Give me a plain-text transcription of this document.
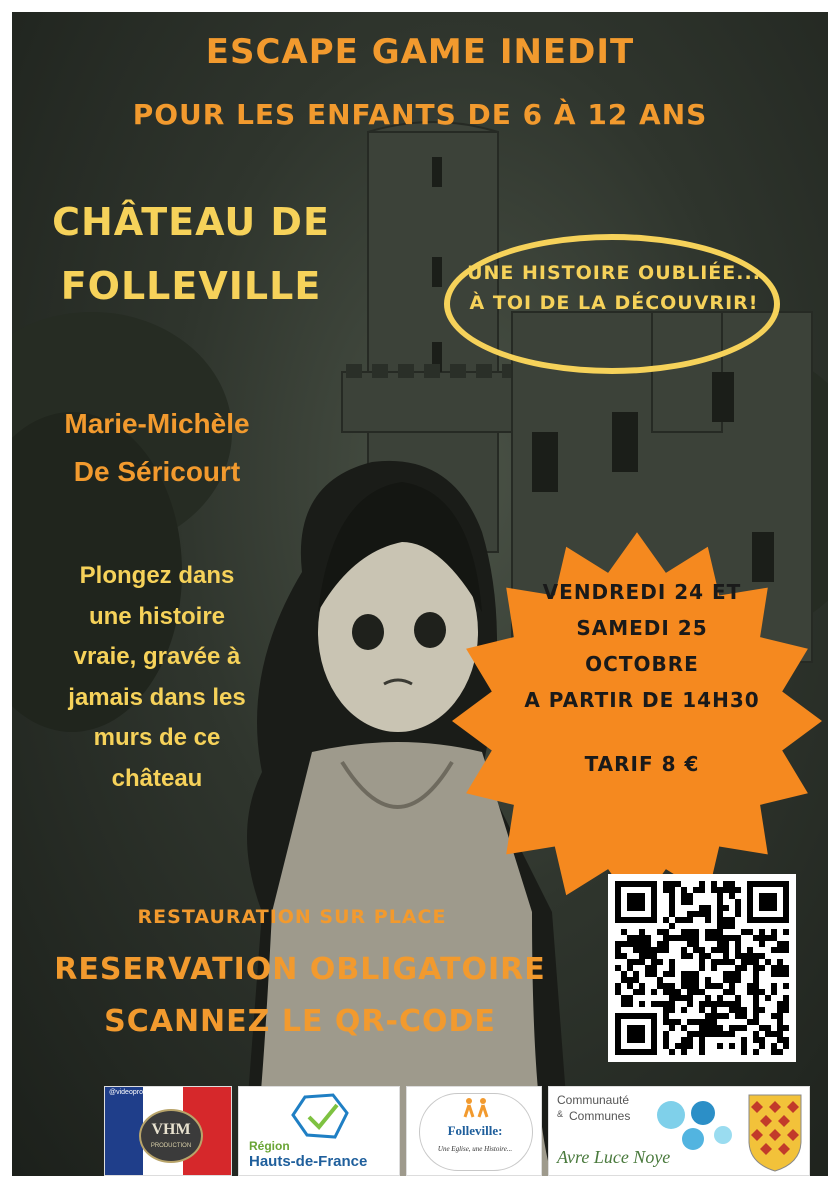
ESCAPE GAME INEDIT
POUR LES ENFANTS DE 6 À 12 ANS
CHÂTEAU DE
FOLLEVILLE	UNE HISTOIRE OUBLIÉE...
À TOI DE LA DÉCOUVRIR!
Marie-Michèle
De Séricourt
Plongez dans
une histoire
vraie, gravée à
jamais dans les
murs de ce
château
VENDREDI 24 ET
SAMEDI 25
OCTOBRE
A PARTIR DE 14H30
TARIF 8 €
RESTAURATION SUR PLACE
RESERVATION OBLIGATOIRE
SCANNEZ LE QR-CODE
@videoproduction.fr
VHM
PRODUCTION	Région
Hauts-de-France
Folleville:
Une Eglise, une Histoire...
Communauté
& Communes
Avre Luce Noye
